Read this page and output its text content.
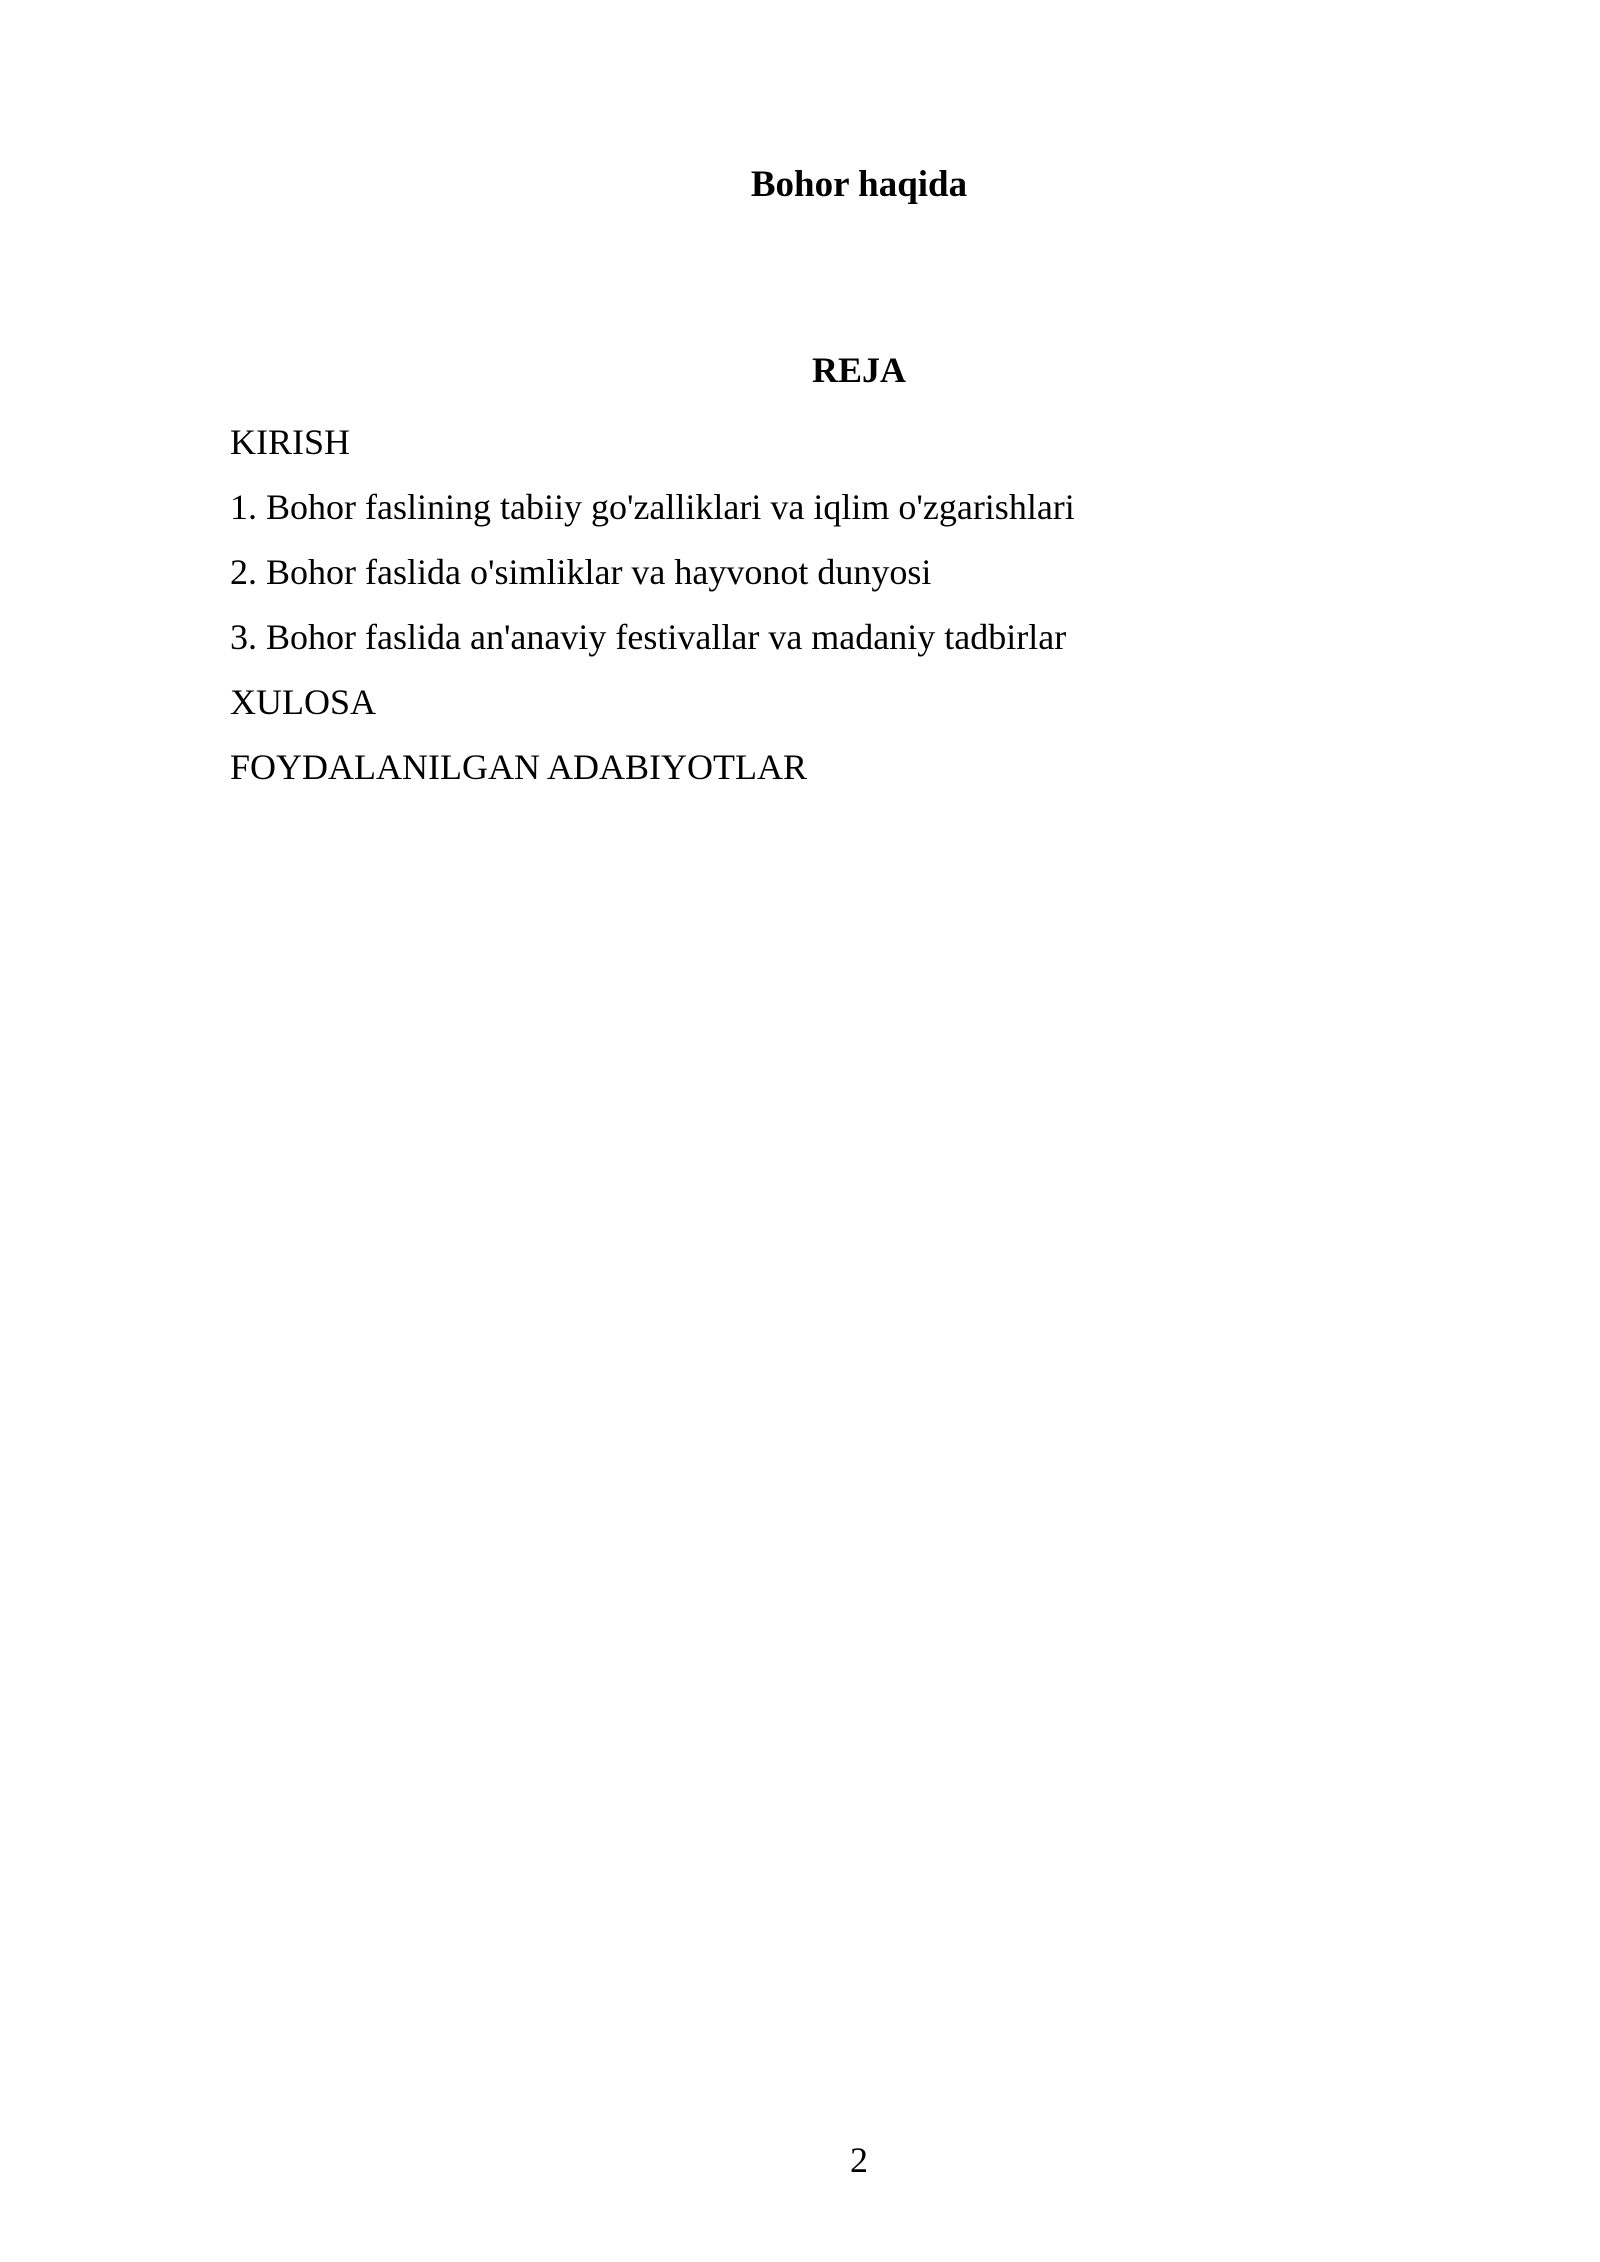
Bohor haqida
REJA
KIRISH
1. Bohor faslining tabiiy go'zalliklari va iqlim o'zgarishlari
2. Bohor faslida o'simliklar va hayvonot dunyosi
3. Bohor faslida an'anaviy festivallar va madaniy tadbirlar
XULOSA
FOYDALANILGAN ADABIYOTLAR
2
